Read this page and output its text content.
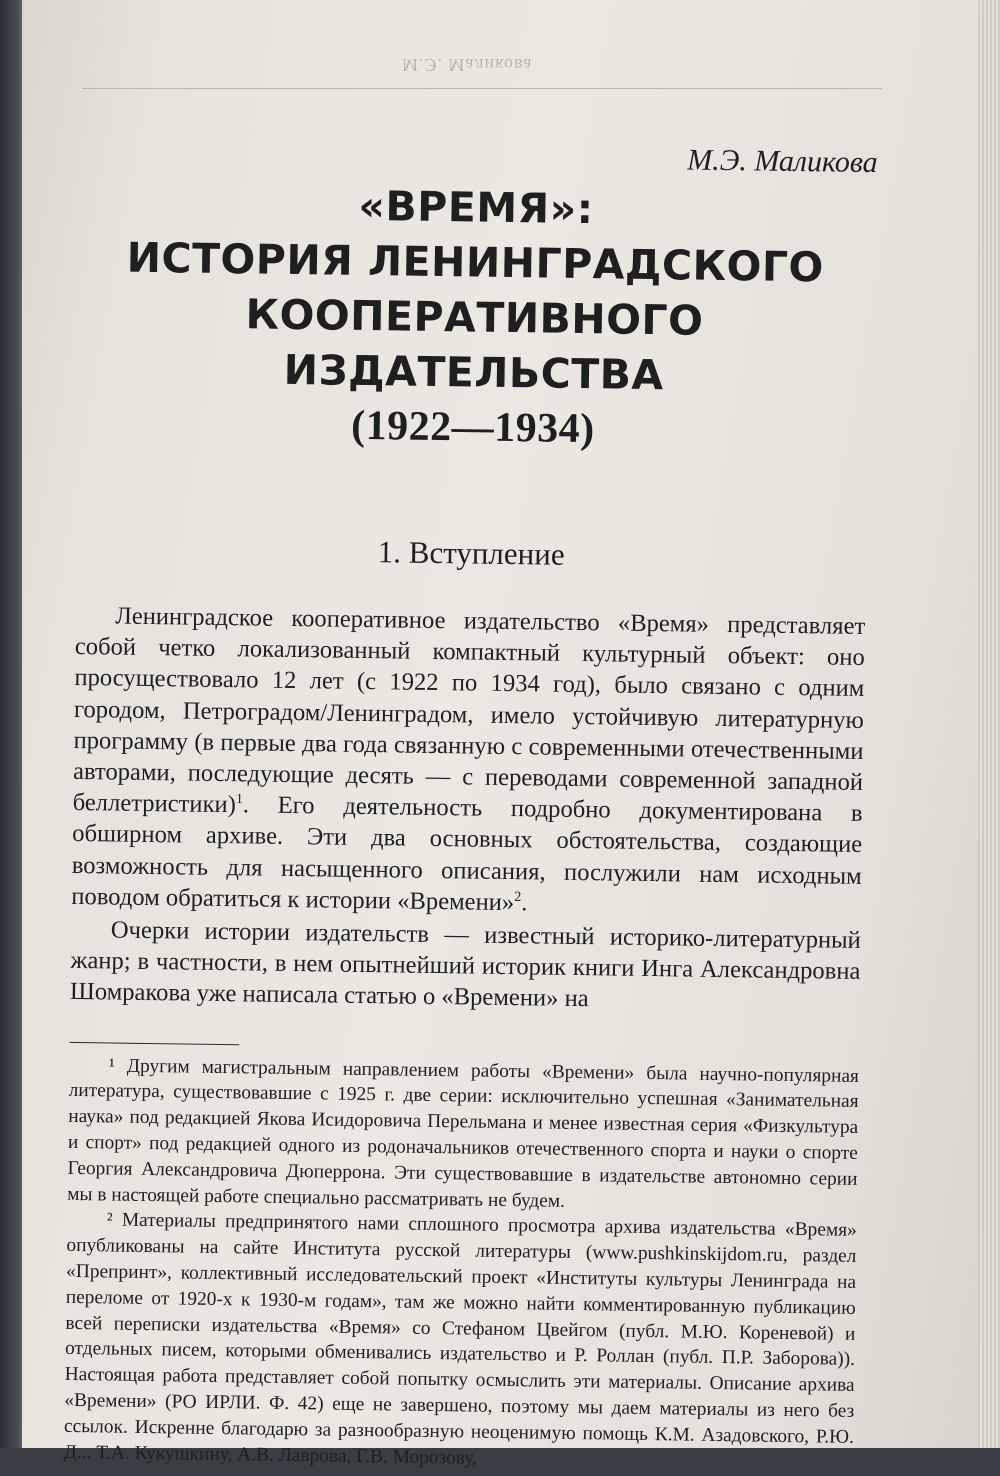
М.Э. Маликова
М.Э. Маликова
«ВРЕМЯ»:
ИСТОРИЯ ЛЕНИНГРАДСКОГО
КООПЕРАТИВНОГО ИЗДАТЕЛЬСТВА
(1922—1934)
1. Вступление

Ленинградское кооперативное издательство «Время» представляет собой четко локализованный компактный культурный объект: оно просуществовало 12 лет (с 1922 по 1934 год), было связано с одним городом, Петроградом/Ленинградом, имело устойчивую литературную программу (в первые два года связанную с современными отечественными авторами, последующие десять — с переводами современной западной беллетристики)$^1$. Его деятельность подробно документирована в обширном архиве. Эти два основных обстоятельства, создающие возможность для насыщенного описания, послужили нам исходным поводом обратиться к истории «Времени»$^2$.

Очерки истории издательств — известный историко-литературный жанр; в частности, в нем опытнейший историк книги Инга Александровна Шомракова уже написала статью о «Времени» на

¹ Другим магистральным направлением работы «Времени» была научно-популярная литература, существовавшие с 1925 г. две серии: исключительно успешная «Занимательная наука» под редакцией Якова Исидоровича Перельмана и менее известная серия «Физкультура и спорт» под редакцией одного из родоначальников отечественного спорта и науки о спорте Георгия Александровича Дюперрона. Эти существовавшие в издательстве автономно серии мы в настоящей работе специально рассматривать не будем.

² Материалы предпринятого нами сплошного просмотра архива издательства «Время» опубликованы на сайте Института русской литературы (www.pushkinskijdom.ru, раздел «Препринт», коллективный исследовательский проект «Институты культуры Ленинграда на переломе от 1920-х к 1930-м годам», там же можно найти комментированную публикацию всей переписки издательства «Время» со Стефаном Цвейгом (публ. М.Ю. Кореневой) и отдельных писем, которыми обменивались издательство и Р. Роллан (публ. П.Р. Заборова)). Настоящая работа представляет собой попытку осмыслить эти материалы. Описание архива «Времени» (РО ИРЛИ. Ф. 42) еще не завершено, поэтому мы даем материалы из него без ссылок. Искренне благодарю за разнообразную неоценимую помощь К.М. Азадовского, Р.Ю. Д... Т.А. Кукушкину, А.В. Лаврова, Г.В. Морозову,
